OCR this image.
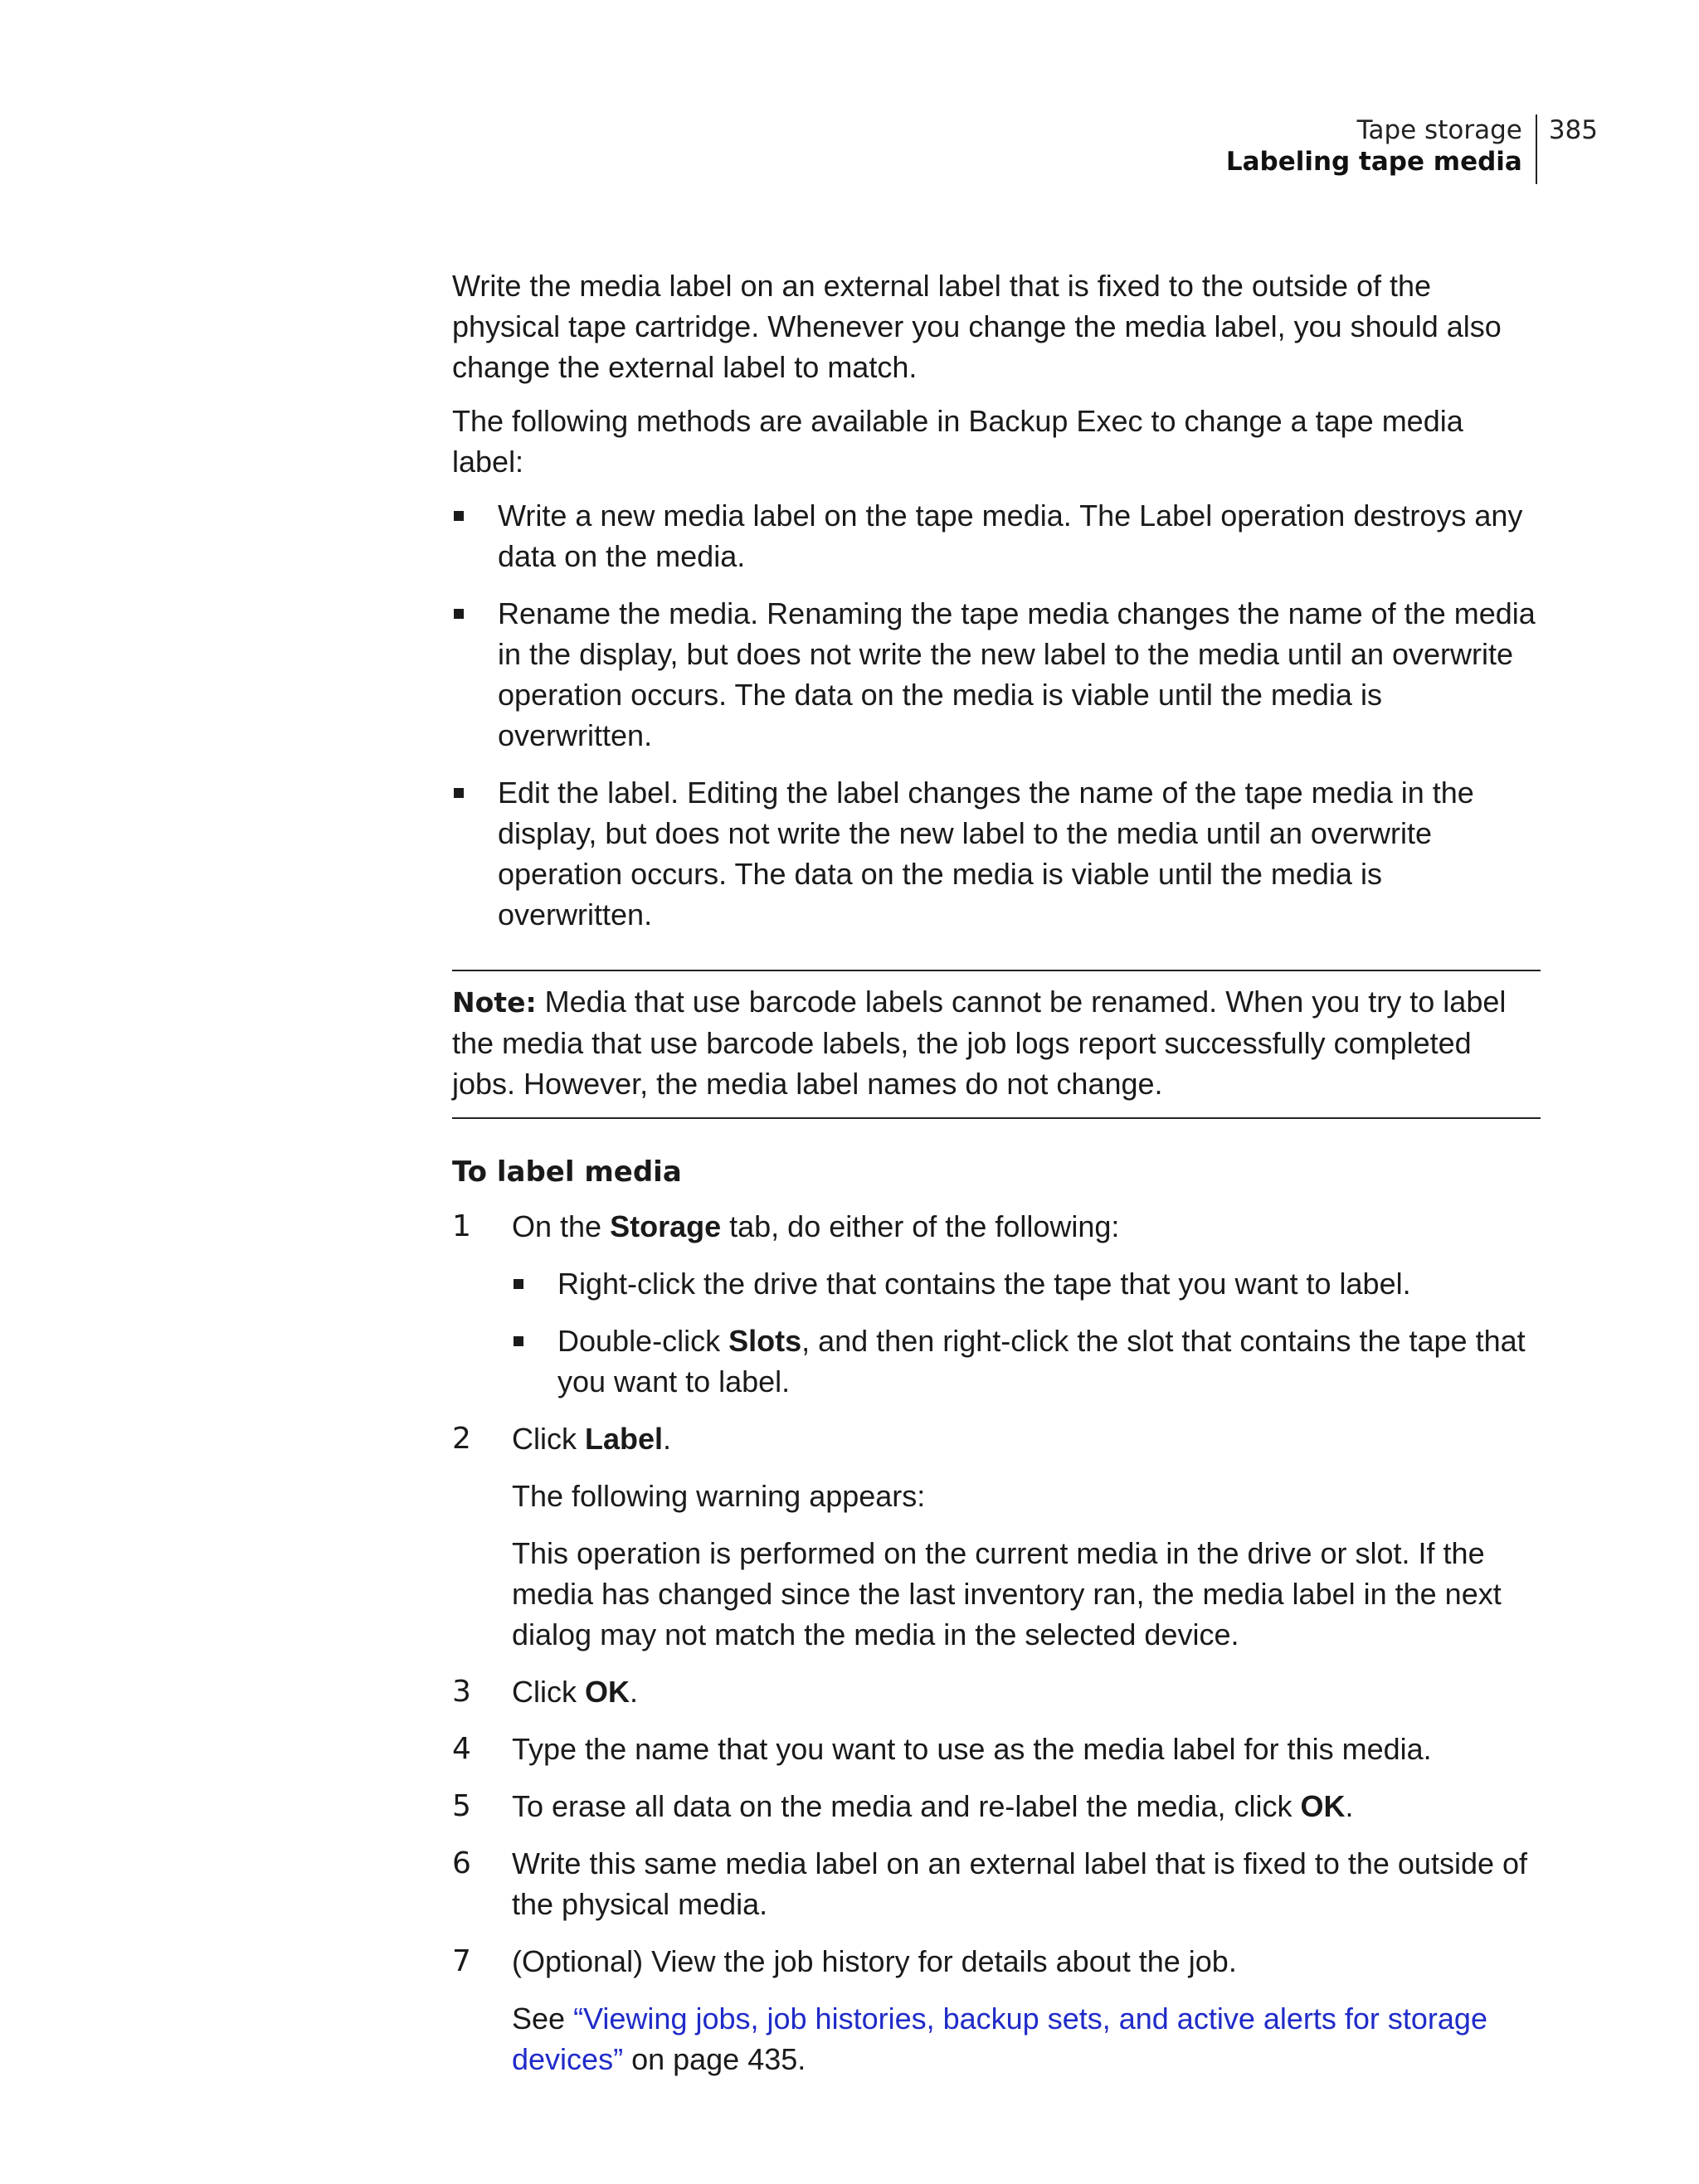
Tape storage
Labeling tape media
385

Write the media label on an external label that is fixed to the outside of the physical tape cartridge. Whenever you change the media label, you should also change the external label to match.

The following methods are available in Backup Exec to change a tape media label:

Write a new media label on the tape media. The Label operation destroys any data on the media.
Rename the media. Renaming the tape media changes the name of the media in the display, but does not write the new label to the media until an overwrite operation occurs. The data on the media is viable until the media is overwritten.
Edit the label. Editing the label changes the name of the tape media in the display, but does not write the new label to the media until an overwrite operation occurs. The data on the media is viable until the media is overwritten.
Note: Media that use barcode labels cannot be renamed. When you try to label the media that use barcode labels, the job logs report successfully completed jobs. However, the media label names do not change.
To label media
1 On the Storage tab, do either of the following:
Right-click the drive that contains the tape that you want to label.
Double-click Slots, and then right-click the slot that contains the tape that you want to label.
2 Click Label.

The following warning appears:

This operation is performed on the current media in the drive or slot. If the media has changed since the last inventory ran, the media label in the next dialog may not match the media in the selected device.

3 Click OK.
4 Type the name that you want to use as the media label for this media.
5 To erase all data on the media and re-label the media, click OK.
6 Write this same media label on an external label that is fixed to the outside of the physical media.
7 (Optional) View the job history for details about the job.

See “Viewing jobs, job histories, backup sets, and active alerts for storage devices” on page 435.
